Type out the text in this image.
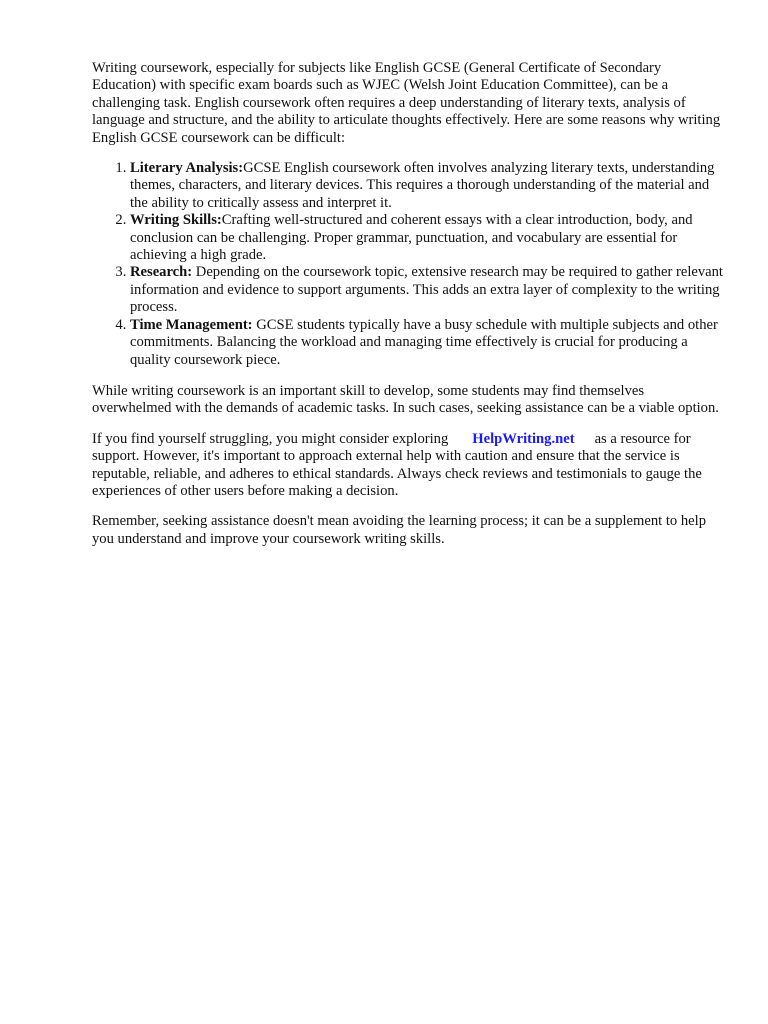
Writing coursework, especially for subjects like English GCSE (General Certificate of Secondary Education) with specific exam boards such as WJEC (Welsh Joint Education Committee), can be a challenging task. English coursework often requires a deep understanding of literary texts, analysis of language and structure, and the ability to articulate thoughts effectively. Here are some reasons why writing English GCSE coursework can be difficult:

1. Literary Analysis:GCSE English coursework often involves analyzing literary texts, understanding themes, characters, and literary devices. This requires a thorough understanding of the material and the ability to critically assess and interpret it.
2. Writing Skills:Crafting well-structured and coherent essays with a clear introduction, body, and conclusion can be challenging. Proper grammar, punctuation, and vocabulary are essential for achieving a high grade.
3. Research: Depending on the coursework topic, extensive research may be required to gather relevant information and evidence to support arguments. This adds an extra layer of complexity to the writing process.
4. Time Management: GCSE students typically have a busy schedule with multiple subjects and other commitments. Balancing the workload and managing time effectively is crucial for producing a quality coursework piece.

While writing coursework is an important skill to develop, some students may find themselves overwhelmed with the demands of academic tasks. In such cases, seeking assistance can be a viable option.

If you find yourself struggling, you might consider exploring HelpWriting.net as a resource for support. However, it's important to approach external help with caution and ensure that the service is reputable, reliable, and adheres to ethical standards. Always check reviews and testimonials to gauge the experiences of other users before making a decision.

Remember, seeking assistance doesn't mean avoiding the learning process; it can be a supplement to help you understand and improve your coursework writing skills.
